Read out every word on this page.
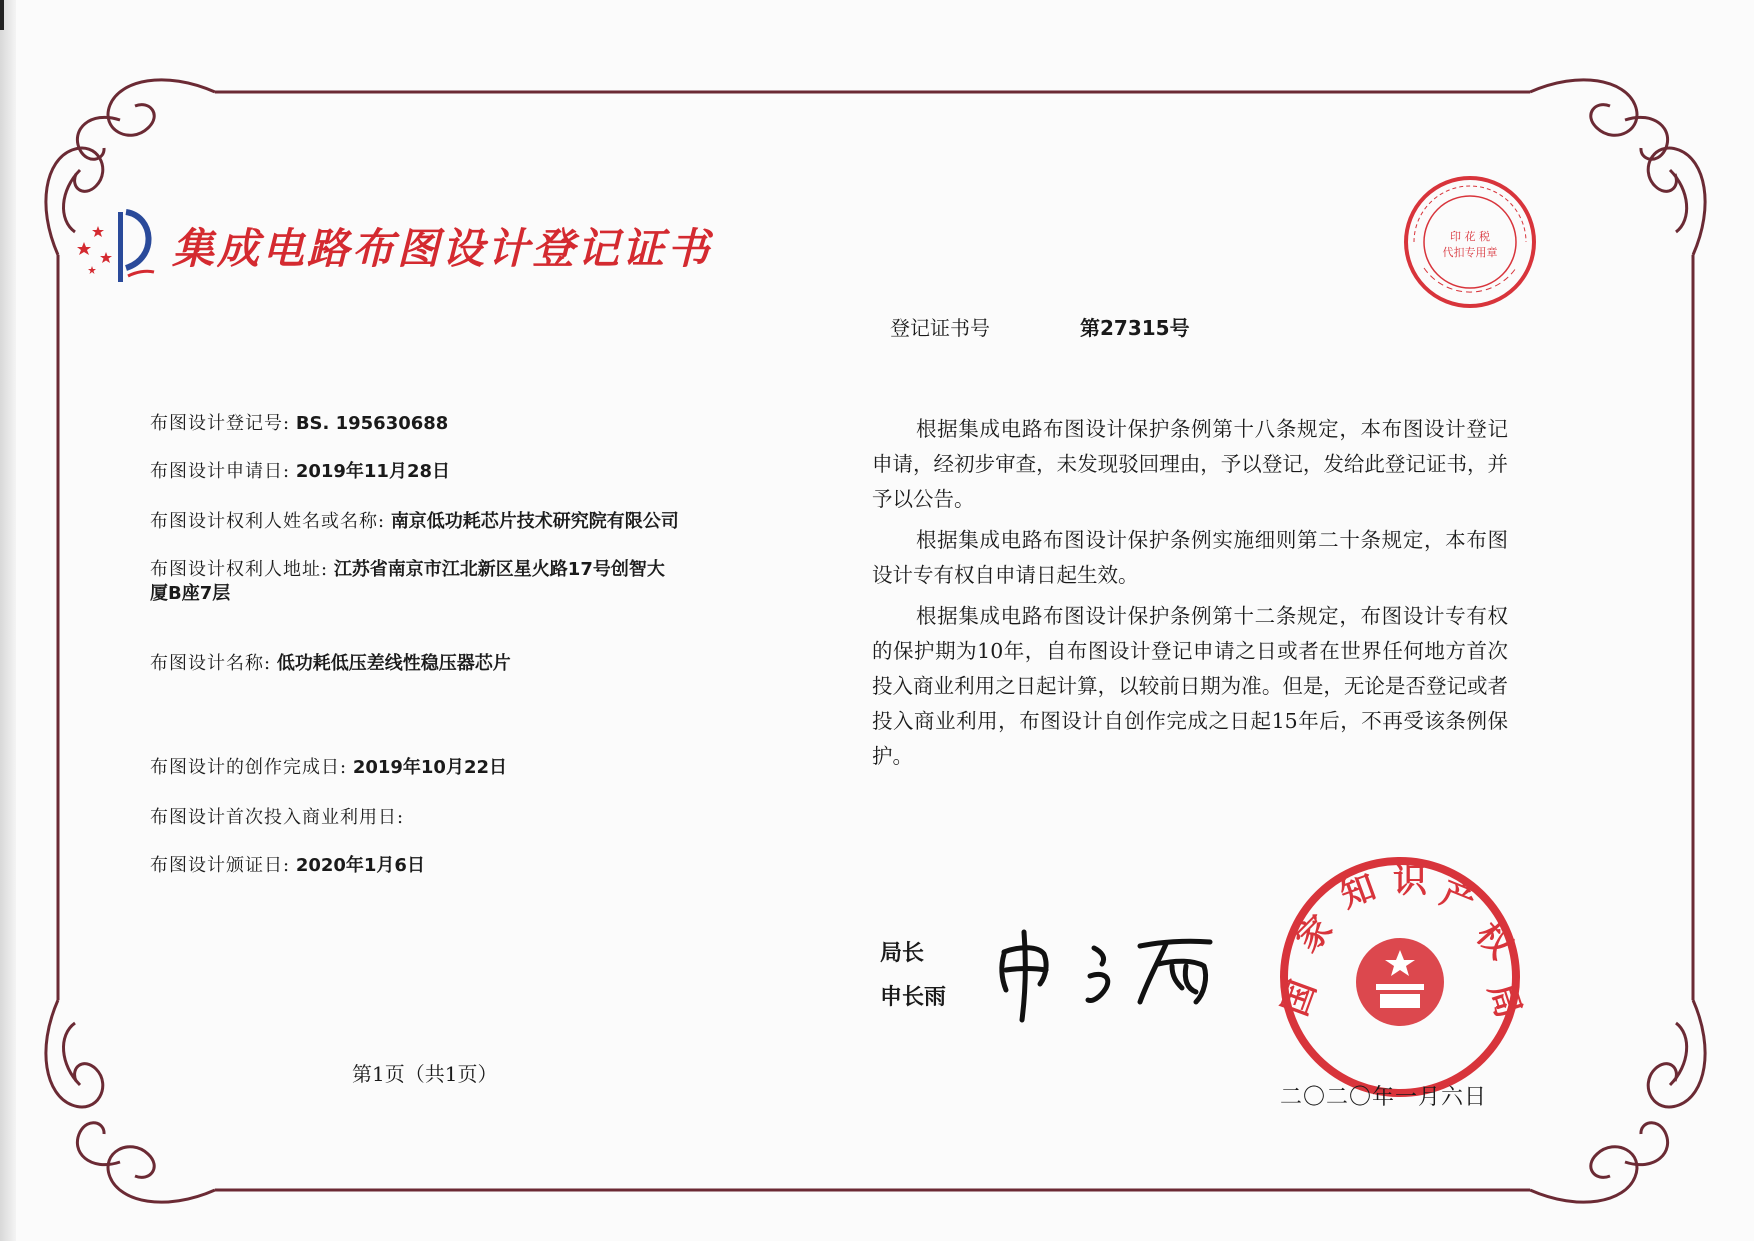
集成电路布图设计登记证书
登记证书号	第27315号
布图设计登记号: BS. 195630688
布图设计申请日: 2019年11月28日
布图设计权利人姓名或名称: 南京低功耗芯片技术研究院有限公司
布图设计权利人地址: 江苏省南京市江北新区星火路17号创智大厦B座7层
布图设计名称: 低功耗低压差线性稳压器芯片
布图设计的创作完成日: 2019年10月22日
布图设计首次投入商业利用日:
布图设计颁证日: 2020年1月6日

根据集成电路布图设计保护条例第十八条规定，本布图设计登记申请，经初步审查，未发现驳回理由，予以登记，发给此登记证书，并予以公告。

根据集成电路布图设计保护条例实施细则第二十条规定，本布图设计专有权自申请日起生效。

根据集成电路布图设计保护条例第十二条规定，布图设计专有权的保护期为10年，自布图设计登记申请之日或者在世界任何地方首次投入商业利用之日起计算，以较前日期为准。但是，无论是否登记或者投入商业利用，布图设计自创作完成之日起15年后，不再受该条例保护。

第1页（共1页）
局长
申长雨
印 花 税
代扣专用章
国
家
知 识 产
权
局
二〇二〇年一月六日
